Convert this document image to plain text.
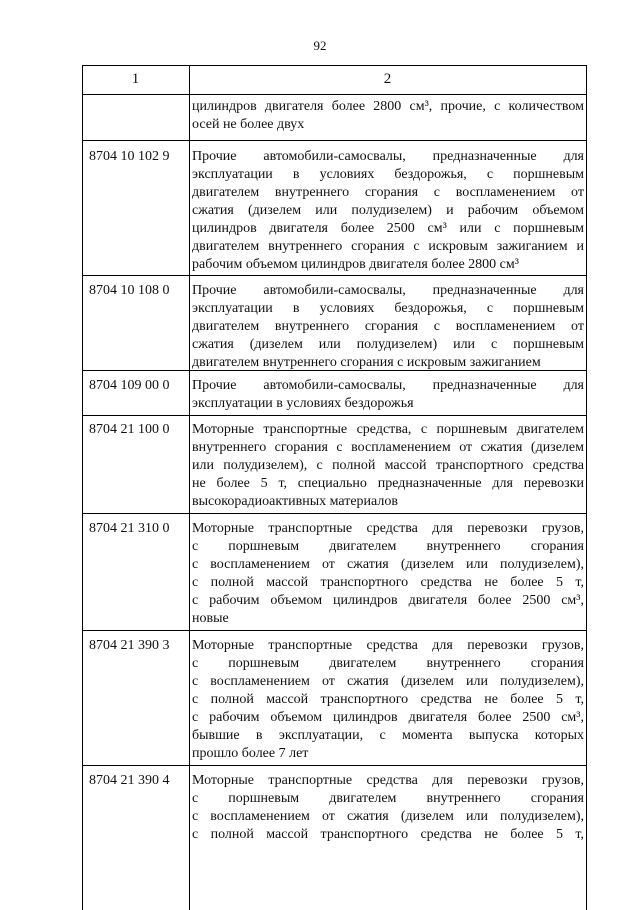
92
1	2
цилиндров двигателя более 2800 см³, прочие, с количеством
осей не более двух
8704 10 102 9	Прочие автомобили-самосвалы, предназначенные для
эксплуатации в условиях бездорожья, с поршневым
двигателем внутреннего сгорания с воспламенением от
сжатия (дизелем или полудизелем) и рабочим объемом
цилиндров двигателя более 2500 см³ или с поршневым
двигателем внутреннего сгорания с искровым зажиганием и
рабочим объемом цилиндров двигателя более 2800 см³
8704 10 108 0	Прочие автомобили-самосвалы, предназначенные для
эксплуатации в условиях бездорожья, с поршневым
двигателем внутреннего сгорания с воспламенением от
сжатия (дизелем или полудизелем) или с поршневым
двигателем внутреннего сгорания с искровым зажиганием
8704 109 00 0	Прочие автомобили-самосвалы, предназначенные для
эксплуатации в условиях бездорожья
8704 21 100 0	Моторные транспортные средства, с поршневым двигателем
внутреннего сгорания с воспламенением от сжатия (дизелем
или полудизелем), с полной массой транспортного средства
не более 5 т, специально предназначенные для перевозки
высокорадиоактивных материалов
8704 21 310 0	Моторные транспортные средства для перевозки грузов,
с поршневым двигателем внутреннего сгорания
с воспламенением от сжатия (дизелем или полудизелем),
с полной массой транспортного средства не более 5 т,
с рабочим объемом цилиндров двигателя более 2500 см³,
новые
8704 21 390 3	Моторные транспортные средства для перевозки грузов,
с поршневым двигателем внутреннего сгорания
с воспламенением от сжатия (дизелем или полудизелем),
с полной массой транспортного средства не более 5 т,
с рабочим объемом цилиндров двигателя более 2500 см³,
бывшие в эксплуатации, с момента выпуска которых
прошло более 7 лет
8704 21 390 4	Моторные транспортные средства для перевозки грузов,
с поршневым двигателем внутреннего сгорания
с воспламенением от сжатия (дизелем или полудизелем),
с полной массой транспортного средства не более 5 т,
